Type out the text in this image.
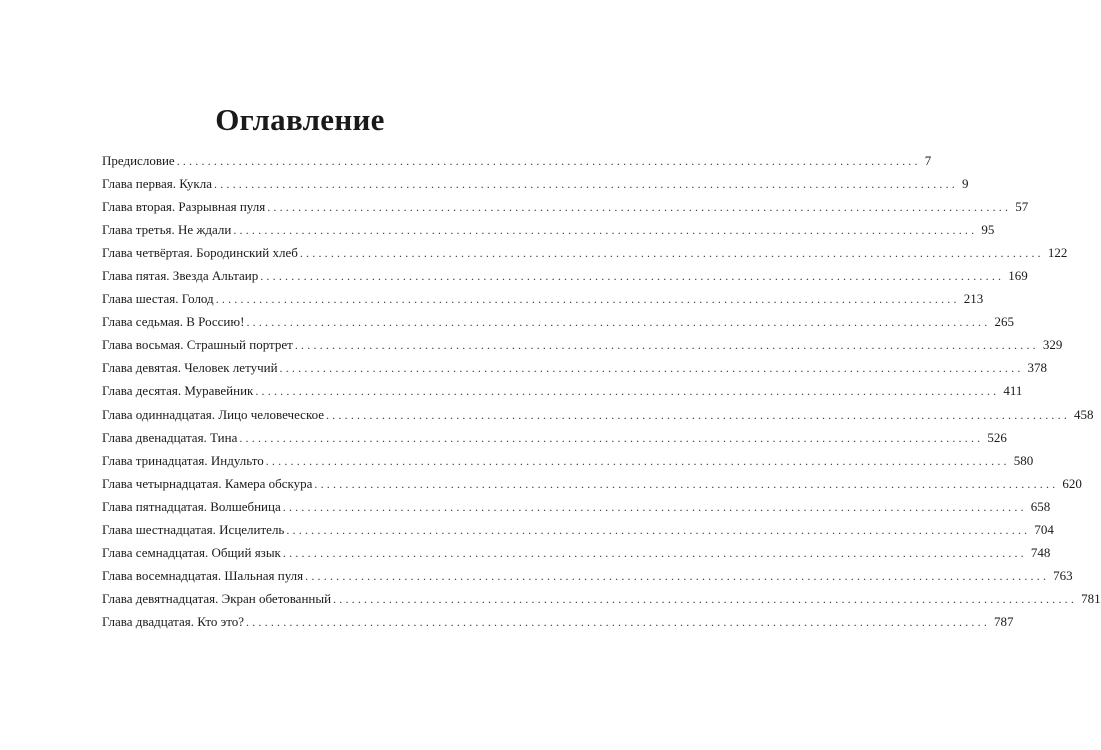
Оглавление
Предисловие ........................................................................................................................ 7
Глава первая. Кукла ........................................................................................................................ 9
Глава вторая. Разрывная пуля ........................................................................................................................ 57
Глава третья. Не ждали ........................................................................................................................ 95
Глава четвёртая. Бородинский хлеб ........................................................................................................................ 122
Глава пятая. Звезда Альтаир ........................................................................................................................ 169
Глава шестая. Голод ........................................................................................................................ 213
Глава седьмая. В Россию! ........................................................................................................................ 265
Глава восьмая. Страшный портрет ........................................................................................................................ 329
Глава девятая. Человек летучий ........................................................................................................................ 378
Глава десятая. Муравейник ........................................................................................................................ 411
Глава одиннадцатая. Лицо человеческое ........................................................................................................................ 458
Глава двенадцатая. Тина ........................................................................................................................ 526
Глава тринадцатая. Индульто ........................................................................................................................ 580
Глава четырнадцатая. Камера обскура ........................................................................................................................ 620
Глава пятнадцатая. Волшебница ........................................................................................................................ 658
Глава шестнадцатая. Исцелитель ........................................................................................................................ 704
Глава семнадцатая. Общий язык ........................................................................................................................ 748
Глава восемнадцатая. Шальная пуля ........................................................................................................................ 763
Глава девятнадцатая. Экран обетованный ........................................................................................................................ 781
Глава двадцатая. Кто это? ........................................................................................................................ 787
